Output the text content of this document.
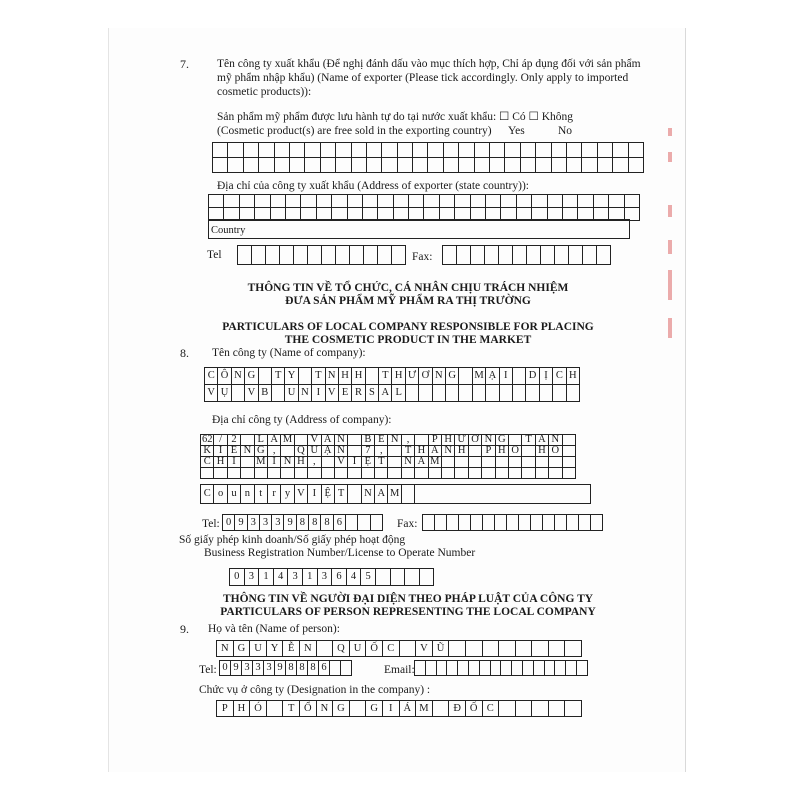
7. Tên công ty xuất khẩu (Để nghị đánh dấu vào mục thích hợp, Chỉ áp dụng đối với sản phẩm
mỹ phẩm nhập khẩu) (Name of exporter (Please tick accordingly. Only apply to imported
cosmetic products)):
Sản phẩm mỹ phẩm được lưu hành tự do tại nước xuất khẩu: ☐ Có ☐ Không
(Cosmetic product(s) are free sold in the exporting country) Yes	No
Địa chỉ của công ty xuất khẩu (Address of exporter (state country)):
Country
Tel	Fax:
THÔNG TIN VỀ TỔ CHỨC, CÁ NHÂN CHỊU TRÁCH NHIỆM
ĐƯA SẢN PHẨM MỸ PHẨM RA THỊ TRƯỜNG
PARTICULARS OF LOCAL COMPANY RESPONSIBLE FOR PLACING
THE COSMETIC PRODUCT IN THE MARKET
8. Tên công ty (Name of company):
C Ô N G	T Y	T N H H	T H Ư Ơ N G	M Ạ I	D Ị C H
V Ụ	V B	U N I V E R S A L
Địa chỉ công ty (Address of company):
62 / 2	L Â M	V Ă N	B Ề N ,	P H Ư Ờ N G	T Â N
K I Ể N G ,	Q U Ậ N	7 ,	T H À N H	P H Ố	H Ồ
C H Í	M I N H ,	V I Ệ T	N A M
C o u n t r y V I Ệ T	N A M
Tel: 0 9 3 3 3 9 8 8 8 6	Fax:
Số giấy phép kinh doanh/Số giấy phép hoạt động
Business Registration Number/License to Operate Number
0 3 1 4 3 1 3 6 4 5
THÔNG TIN VỀ NGƯỜI ĐẠI DIỆN THEO PHÁP LUẬT CỦA CÔNG TY
PARTICULARS OF PERSON REPRESENTING THE LOCAL COMPANY
9. Họ và tên (Name of person):
N G U Y Ễ N	Q U Ố C	V Ũ
Tel: 0 9 3 3 3 9 8 8 8 6	Email:
Chức vụ ở công ty (Designation in the company) :
P H Ó	T Ổ N G	G	I	Á M	Đ Ố C
